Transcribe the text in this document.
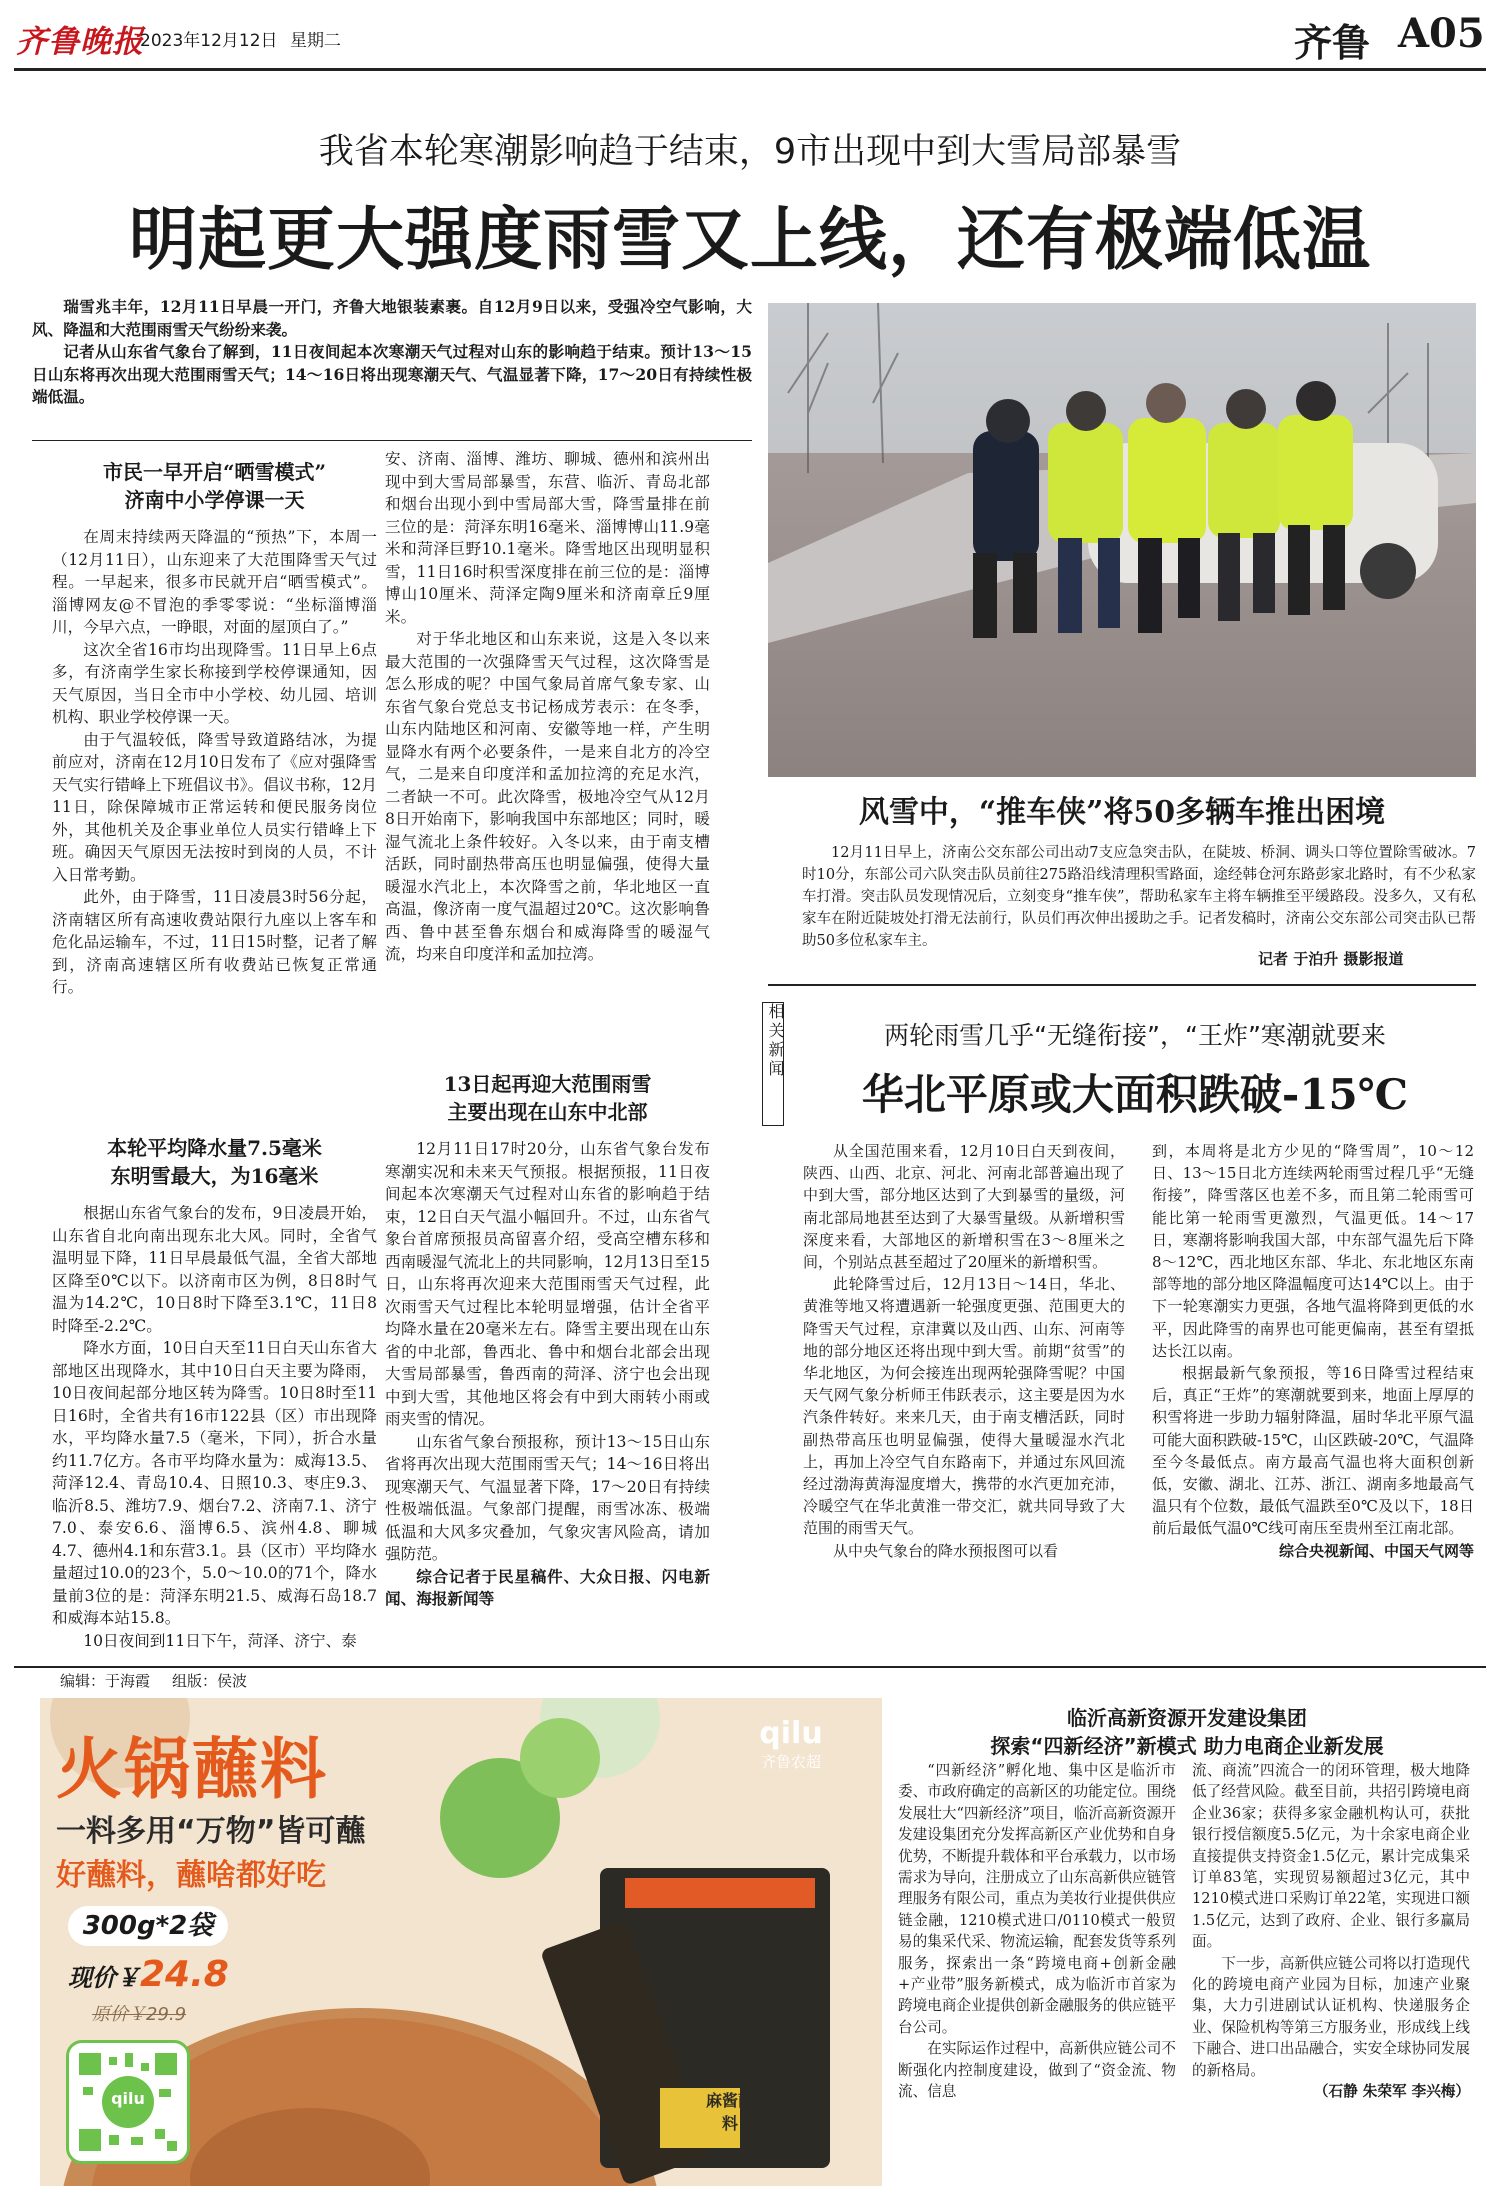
齐鲁晚报
2023年12月12日 星期二	齐鲁 A05
我省本轮寒潮影响趋于结束，9市出现中到大雪局部暴雪
明起更大强度雨雪又上线，还有极端低温

瑞雪兆丰年，12月11日早晨一开门，齐鲁大地银装素裹。自12月9日以来，受强冷空气影响，大风、降温和大范围雨雪天气纷纷来袭。

记者从山东省气象台了解到，11日夜间起本次寒潮天气过程对山东的影响趋于结束。预计13～15日山东将再次出现大范围雨雪天气；14～16日将出现寒潮天气、气温显著下降，17～20日有持续性极端低温。

风雪中，“推车侠”将50多辆车推出困境

12月11日早上，济南公交东部公司出动7支应急突击队，在陡坡、桥洞、调头口等位置除雪破冰。7时10分，东部公司六队突击队员前往275路沿线清理积雪路面，途经韩仓河东路彭家北路时，有不少私家车打滑。突击队员发现情况后，立刻变身“推车侠”，帮助私家车主将车辆推至平缓路段。没多久，又有私家车在附近陡坡处打滑无法前行，队员们再次伸出援助之手。记者发稿时，济南公交东部公司突击队已帮助50多位私家车主。

记者 于泊升 摄影报道
市民一早开启“晒雪模式”
济南中小学停课一天

在周末持续两天降温的“预热”下，本周一（12月11日），山东迎来了大范围降雪天气过程。一早起来，很多市民就开启“晒雪模式”。淄博网友@不冒泡的季零零说：“坐标淄博淄川，今早六点，一睁眼，对面的屋顶白了。”

这次全省16市均出现降雪。11日早上6点多，有济南学生家长称接到学校停课通知，因天气原因，当日全市中小学校、幼儿园、培训机构、职业学校停课一天。

由于气温较低，降雪导致道路结冰，为提前应对，济南在12月10日发布了《应对强降雪天气实行错峰上下班倡议书》。倡议书称，12月11日，除保障城市正常运转和便民服务岗位外，其他机关及企事业单位人员实行错峰上下班。确因天气原因无法按时到岗的人员，不计入日常考勤。

此外，由于降雪，11日凌晨3时56分起，济南辖区所有高速收费站限行九座以上客车和危化品运输车，不过，11日15时整，记者了解到，济南高速辖区所有收费站已恢复正常通行。

本轮平均降水量7.5毫米
东明雪最大，为16毫米

根据山东省气象台的发布，9日凌晨开始，山东省自北向南出现东北大风。同时，全省气温明显下降，11日早晨最低气温，全省大部地区降至0℃以下。以济南市区为例，8日8时气温为14.2℃，10日8时下降至3.1℃，11日8时降至-2.2℃。

降水方面，10日白天至11日白天山东省大部地区出现降水，其中10日白天主要为降雨，10日夜间起部分地区转为降雪。10日8时至11日16时，全省共有16市122县（区）市出现降水，平均降水量7.5（毫米，下同），折合水量约11.7亿方。各市平均降水量为：威海13.5、菏泽12.4、青岛10.4、日照10.3、枣庄9.3、临沂8.5、潍坊7.9、烟台7.2、济南7.1、济宁7.0、泰安6.6、淄博6.5、滨州4.8、聊城4.7、德州4.1和东营3.1。县（区市）平均降水量超过10.0的23个，5.0～10.0的71个，降水量前3位的是：菏泽东明21.5、威海石岛18.7和威海本站15.8。

10日夜间到11日下午，菏泽、济宁、泰

安、济南、淄博、潍坊、聊城、德州和滨州出现中到大雪局部暴雪，东营、临沂、青岛北部和烟台出现小到中雪局部大雪，降雪量排在前三位的是：菏泽东明16毫米、淄博博山11.9毫米和菏泽巨野10.1毫米。降雪地区出现明显积雪，11日16时积雪深度排在前三位的是：淄博博山10厘米、菏泽定陶9厘米和济南章丘9厘米。

对于华北地区和山东来说，这是入冬以来最大范围的一次强降雪天气过程，这次降雪是怎么形成的呢？中国气象局首席气象专家、山东省气象台党总支书记杨成芳表示：在冬季，山东内陆地区和河南、安徽等地一样，产生明显降水有两个必要条件，一是来自北方的冷空气，二是来自印度洋和孟加拉湾的充足水汽，二者缺一不可。此次降雪，极地冷空气从12月8日开始南下，影响我国中东部地区；同时，暖湿气流北上条件较好。入冬以来，由于南支槽活跃，同时副热带高压也明显偏强，使得大量暖湿水汽北上，本次降雪之前，华北地区一直高温，像济南一度气温超过20℃。这次影响鲁西、鲁中甚至鲁东烟台和威海降雪的暖湿气流，均来自印度洋和孟加拉湾。

13日起再迎大范围雨雪
主要出现在山东中北部

12月11日17时20分，山东省气象台发布寒潮实况和未来天气预报。根据预报，11日夜间起本次寒潮天气过程对山东省的影响趋于结束，12日白天气温小幅回升。不过，山东省气象台首席预报员高留喜介绍，受高空槽东移和西南暖湿气流北上的共同影响，12月13日至15日，山东将再次迎来大范围雨雪天气过程，此次雨雪天气过程比本轮明显增强，估计全省平均降水量在20毫米左右。降雪主要出现在山东省的中北部，鲁西北、鲁中和烟台北部会出现大雪局部暴雪，鲁西南的菏泽、济宁也会出现中到大雪，其他地区将会有中到大雨转小雨或雨夹雪的情况。

山东省气象台预报称，预计13～15日山东省将再次出现大范围雨雪天气；14～16日将出现寒潮天气、气温显著下降，17～20日有持续性极端低温。气象部门提醒，雨雪冰冻、极端低温和大风多灾叠加，气象灾害风险高，请加强防范。

综合记者于民星稿件、大众日报、闪电新闻、海报新闻等

相关新闻	两轮雨雪几乎“无缝衔接”，“王炸”寒潮就要来
华北平原或大面积跌破-15℃

从全国范围来看，12月10日白天到夜间，陕西、山西、北京、河北、河南北部普遍出现了中到大雪，部分地区达到了大到暴雪的量级，河南北部局地甚至达到了大暴雪量级。从新增积雪深度来看，大部地区的新增积雪在3～8厘米之间，个别站点甚至超过了20厘米的新增积雪。

此轮降雪过后，12月13日～14日，华北、黄淮等地又将遭遇新一轮强度更强、范围更大的降雪天气过程，京津冀以及山西、山东、河南等地的部分地区还将出现中到大雪。前期“贫雪”的华北地区，为何会接连出现两轮强降雪呢？中国天气网气象分析师王伟跃表示，这主要是因为水汽条件转好。来来几天，由于南支槽活跃，同时副热带高压也明显偏强，使得大量暖湿水汽北上，再加上冷空气自东路南下，并通过东风回流经过渤海黄海湿度增大，携带的水汽更加充沛，冷暖空气在华北黄淮一带交汇，就共同导致了大范围的雨雪天气。

从中央气象台的降水预报图可以看

到，本周将是北方少见的“降雪周”，10～12日、13～15日北方连续两轮雨雪过程几乎“无缝衔接”，降雪落区也差不多，而且第二轮雨雪可能比第一轮雨雪更激烈，气温更低。14～17日，寒潮将影响我国大部，中东部气温先后下降8～12℃，西北地区东部、华北、东北地区东南部等地的部分地区降温幅度可达14℃以上。由于下一轮寒潮实力更强，各地气温将降到更低的水平，因此降雪的南界也可能更偏南，甚至有望抵达长江以南。

根据最新气象预报，等16日降雪过程结束后，真正“王炸”的寒潮就要到来，地面上厚厚的积雪将进一步助力辐射降温，届时华北平原气温可能大面积跌破-15℃，山区跌破-20℃，气温降至今冬最低点。南方最高气温也将大面积创新低，安徽、湖北、江苏、浙江、湖南多地最高气温只有个位数，最低气温跌至0℃及以下，18日前后最低气温0℃线可南压至贵州至江南北部。

综合央视新闻、中国天气网等

编辑：于海霞 组版：侯波
火锅蘸料
一料多用“万物”皆可蘸
好蘸料，蘸啥都好吃
300g*2袋
现价￥24.8
原价￥29.9
qilu
qilu
齐鲁农超
麻酱蘸料
临沂高新资源开发建设集团
探索“四新经济”新模式 助力电商企业新发展

“四新经济”孵化地、集中区是临沂市委、市政府确定的高新区的功能定位。围绕发展壮大“四新经济”项目，临沂高新资源开发建设集团充分发挥高新区产业优势和自身优势，不断提升载体和平台承载力，以市场需求为导向，注册成立了山东高新供应链管理服务有限公司，重点为美妆行业提供供应链金融，1210模式进口/0110模式一般贸易的集采代采、物流运输，配套发货等系列服务，探索出一条“跨境电商+创新金融+产业带”服务新模式，成为临沂市首家为跨境电商企业提供创新金融服务的供应链平台公司。

在实际运作过程中，高新供应链公司不断强化内控制度建设，做到了“资金流、物流、信息

流、商流”四流合一的闭环管理，极大地降低了经营风险。截至目前，共招引跨境电商企业36家；获得多家金融机构认可，获批银行授信额度5.5亿元，为十余家电商企业直接提供支持资金1.5亿元，累计完成集采订单83笔，实现贸易额超过3亿元，其中1210模式进口采购订单22笔，实现进口额1.5亿元，达到了政府、企业、银行多赢局面。

下一步，高新供应链公司将以打造现代化的跨境电商产业园为目标，加速产业聚集，大力引进剧试认证机构、快递服务企业、保险机构等第三方服务业，形成线上线下融合、进口出品融合，实安全球协同发展的新格局。

（石静 朱荣军 李兴梅）
